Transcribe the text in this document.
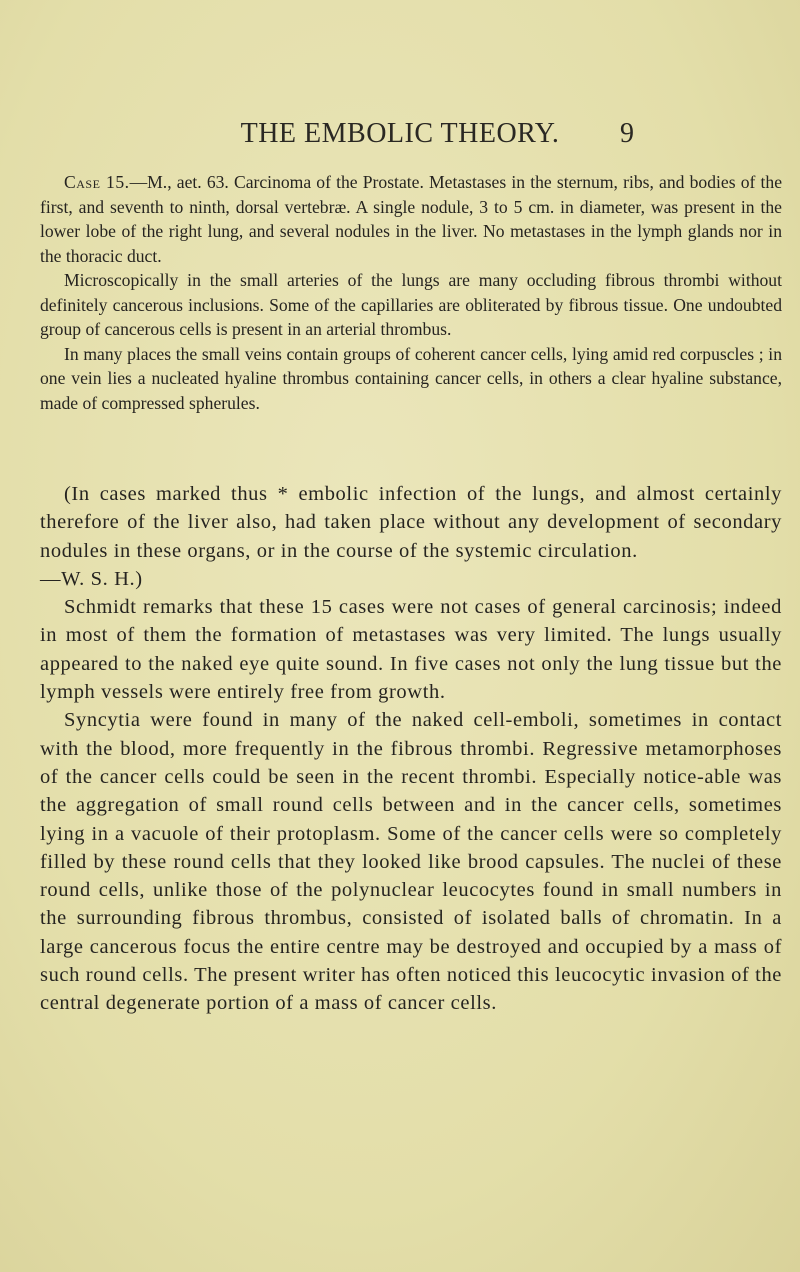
THE EMBOLIC THEORY.	9

Case 15.—M., aet. 63. Carcinoma of the Prostate. Metastases in the sternum, ribs, and bodies of the first, and seventh to ninth, dorsal vertebræ. A single nodule, 3 to 5 cm. in diameter, was present in the lower lobe of the right lung, and several nodules in the liver. No metastases in the lymph glands nor in the thoracic duct.

Microscopically in the small arteries of the lungs are many occluding fibrous thrombi without definitely cancerous inclusions. Some of the capillaries are obliterated by fibrous tissue. One undoubted group of cancerous cells is present in an arterial thrombus.

In many places the small veins contain groups of coherent cancer cells, lying amid red corpuscles ; in one vein lies a nucleated hyaline thrombus containing cancer cells, in others a clear hyaline substance, made of compressed spherules.

(In cases marked thus * embolic infection of the lungs, and almost certainly therefore of the liver also, had taken place without any development of secondary nodules in these organs, or in the course of the systemic circulation.

—W. S. H.)

Schmidt remarks that these 15 cases were not cases of general carcinosis; indeed in most of them the formation of metastases was very limited. The lungs usually appeared to the naked eye quite sound. In five cases not only the lung tissue but the lymph vessels were entirely free from growth.

Syncytia were found in many of the naked cell-emboli, sometimes in contact with the blood, more frequently in the fibrous thrombi. Regressive metamorphoses of the cancer cells could be seen in the recent thrombi. Especially notice-able was the aggregation of small round cells between and in the cancer cells, sometimes lying in a vacuole of their protoplasm. Some of the cancer cells were so completely filled by these round cells that they looked like brood capsules. The nuclei of these round cells, unlike those of the polynuclear leucocytes found in small numbers in the surrounding fibrous thrombus, consisted of isolated balls of chromatin. In a large cancerous focus the entire centre may be destroyed and occupied by a mass of such round cells. The present writer has often noticed this leucocytic invasion of the central degenerate portion of a mass of cancer cells.
